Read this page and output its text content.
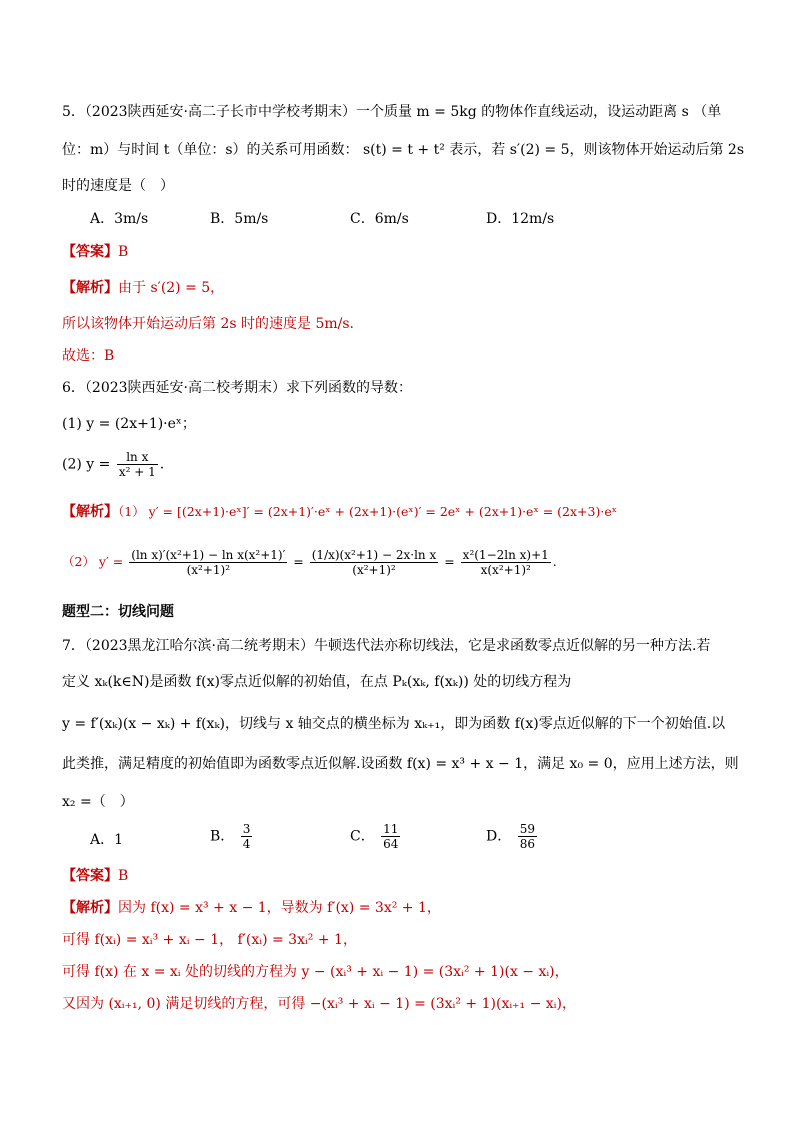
5．（2023陕西延安·高二子长市中学校考期末）一个质量 m = 5kg 的物体作直线运动，设运动距离 s （单
位：m）与时间 t（单位：s）的关系可用函数： s(t) = t + t² 表示，若 s′(2) = 5，则该物体开始运动后第 2s
时的速度是（　）
A．3m/s	B．5m/s	C．6m/s	D．12m/s
【答案】B
【解析】由于 s′(2) = 5，
所以该物体开始运动后第 2s 时的速度是 5m/s.
故选：B
6．（2023陕西延安·高二校考期末）求下列函数的导数：
(1) y = (2x+1)·eˣ；
(2) $y = \frac{\text{ln x}}{\text{x² + 1}}$ .
【解析】（1） y′ = [(2x+1)·eˣ]′ = (2x+1)′·eˣ + (2x+1)·(eˣ)′ = 2eˣ + (2x+1)·eˣ = (2x+3)·eˣ
（2） $y' = \frac{\text{(ln x)′(x²+1) − ln x(x²+1)′}}{\text{(x²+1)²}} = \frac{\text{(1/x)(x²+1) − 2x·ln x}}{\text{(x²+1)²}} = \frac{\text{x²(1−2ln x)+1}}{\text{x(x²+1)²}}$ .
题型二：切线问题
7．（2023黑龙江哈尔滨·高二统考期末）牛顿迭代法亦称切线法，它是求函数零点近似解的另一种方法.若
定义 xₖ(k∈N)是函数 f(x)零点近似解的初始值，在点 Pₖ(xₖ, f(xₖ)) 处的切线方程为
y = f′(xₖ)(x − xₖ) + f(xₖ)，切线与 x 轴交点的横坐标为 xₖ₊₁，即为函数 f(x)零点近似解的下一个初始值.以
此类推，满足精度的初始值即为函数零点近似解.设函数 f(x) = x³ + x − 1，满足 x₀ = 0，应用上述方法，则
x₂ =（　）
A．1	B． $\frac{3}{4}$	C． $\frac{11}{64}$	D． $\frac{59}{86}$
【答案】B
【解析】因为 f(x) = x³ + x − 1，导数为 f′(x) = 3x² + 1，
可得 f(xᵢ) = xᵢ³ + xᵢ − 1， f′(xᵢ) = 3xᵢ² + 1，
可得 f(x) 在 x = xᵢ 处的切线的方程为 y − (xᵢ³ + xᵢ − 1) = (3xᵢ² + 1)(x − xᵢ)，
又因为 (xᵢ₊₁, 0) 满足切线的方程，可得 −(xᵢ³ + xᵢ − 1) = (3xᵢ² + 1)(xᵢ₊₁ − xᵢ)，
